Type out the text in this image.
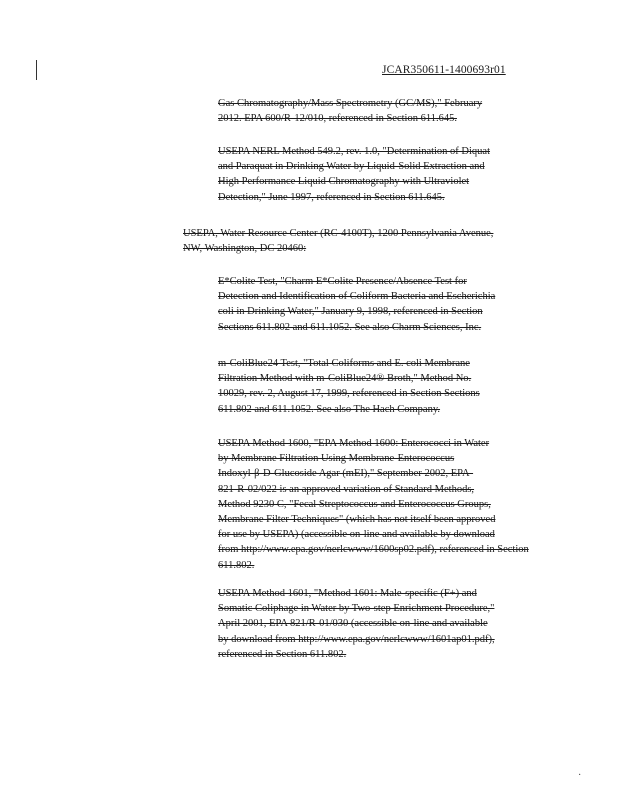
JCAR350611-1400693r01
Gas Chromatography/Mass Spectrometry (GC/MS)," February
2012. EPA 600/R-12/010, referenced in Section 611.645.
USEPA NERL Method 549.2, rev. 1.0, "Determination of Diquat
and Paraquat in Drinking Water by Liquid-Solid Extraction and
High Performance Liquid Chromatography with Ultraviolet
Detection," June 1997, referenced in Section 611.645.
USEPA, Water Resource Center (RC-4100T), 1200 Pennsylvania Avenue,
NW, Washington, DC 20460:
E*Colite Test, "Charm E*Colite Presence/Absence Test for
Detection and Identification of Coliform Bacteria and Escherichia
coli in Drinking Water," January 9, 1998, referenced in Section
Sections 611.802 and 611.1052. See also Charm Sciences, Inc.
m-ColiBlue24 Test, "Total Coliforms and E. coli Membrane
Filtration Method with m-ColiBlue24® Broth," Method No.
10029, rev. 2, August 17, 1999, referenced in Section Sections
611.802 and 611.1052. See also The Hach Company.
USEPA Method 1600, "EPA Method 1600: Enterococci in Water
by Membrane Filtration Using Membrane-Enterococcus
Indoxyl-β-D-Glucoside Agar (mEI)," September 2002, EPA-
821-R-02/022 is an approved variation of Standard Methods,
Method 9230 C, "Fecal Streptococcus and Enterococcus Groups,
Membrane Filter Techniques" (which has not itself been approved
for use by USEPA) (accessible on-line and available by download
from http://www.epa.gov/nerlcwww/1600sp02.pdf), referenced in Section
611.802.
USEPA Method 1601, "Method 1601: Male-specific (F+) and
Somatic Coliphage in Water by Two-step Enrichment Procedure,"
April 2001, EPA 821/R-01/030 (accessible on-line and available
by download from http://www.epa.gov/nerlcwww/1601ap01.pdf),
referenced in Section 611.802.
·
